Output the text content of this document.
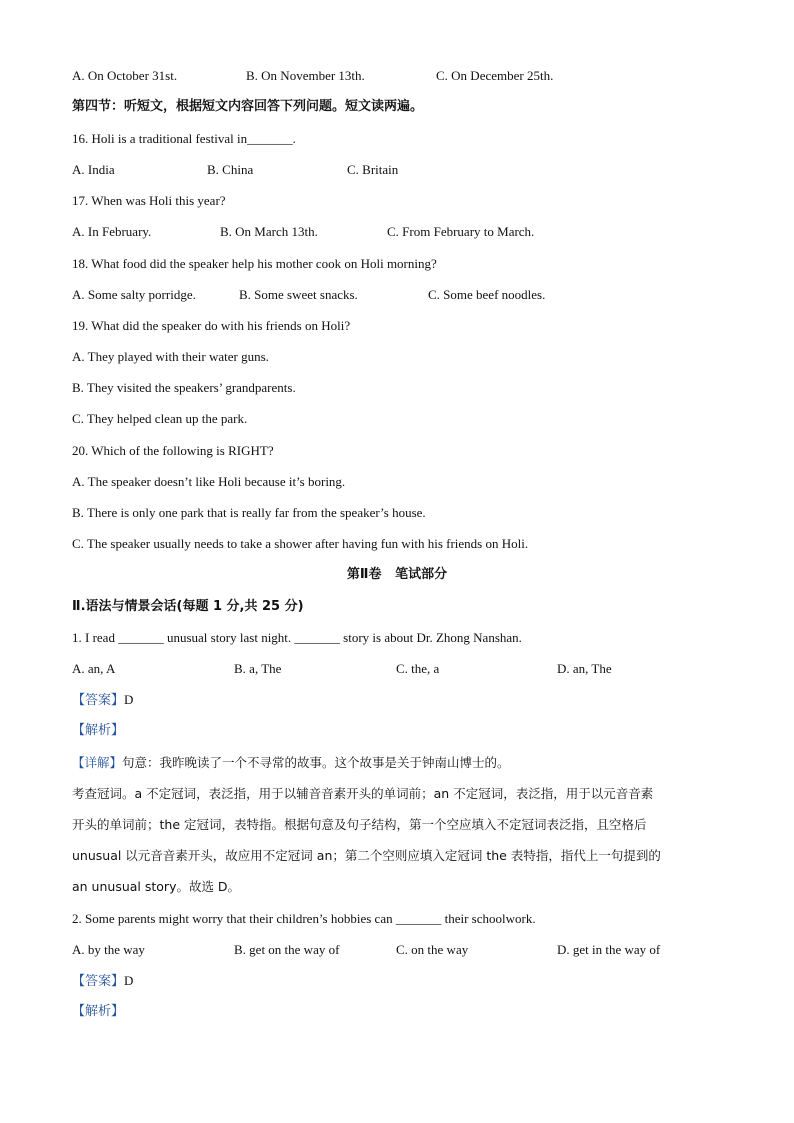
A. On October 31st.	B. On November 13th.	C. On December 25th.
第四节：听短文，根据短文内容回答下列问题。短文读两遍。
16. Holi is a traditional festival in_______.
A. India	B. China	C. Britain
17. When was Holi this year?
A. In February.	B. On March 13th.	C. From February to March.
18. What food did the speaker help his mother cook on Holi morning?
A. Some salty porridge.	B. Some sweet snacks.	C. Some beef noodles.
19. What did the speaker do with his friends on Holi?
A. They played with their water guns.
B. They visited the speakers’ grandparents.
C. They helped clean up the park.
20. Which of the following is RIGHT?
A. The speaker doesn’t like Holi because it’s boring.
B. There is only one park that is really far from the speaker’s house.
C. The speaker usually needs to take a shower after having fun with his friends on Holi.
第Ⅱ卷   笔试部分
Ⅱ.语法与情景会话(每题 1 分,共 25 分)
1. I read _______ unusual story last night. _______ story is about Dr. Zhong Nanshan.
A. an, A	B. a, The	C. the, a	D. an, The
【答案】D
【解析】
【详解】句意：我昨晚读了一个不寻常的故事。这个故事是关于钟南山博士的。
考查冠词。a 不定冠词，表泛指，用于以辅音音素开头的单词前；an 不定冠词，表泛指，用于以元音音素
开头的单词前；the 定冠词，表特指。根据句意及句子结构，第一个空应填入不定冠词表泛指，且空格后
unusual 以元音音素开头，故应用不定冠词 an；第二个空则应填入定冠词 the 表特指，指代上一句提到的
an unusual story。故选 D。
2. Some parents might worry that their children’s hobbies can _______ their schoolwork.
A. by the way	B. get on the way of	C. on the way	D. get in the way of
【答案】D
【解析】
